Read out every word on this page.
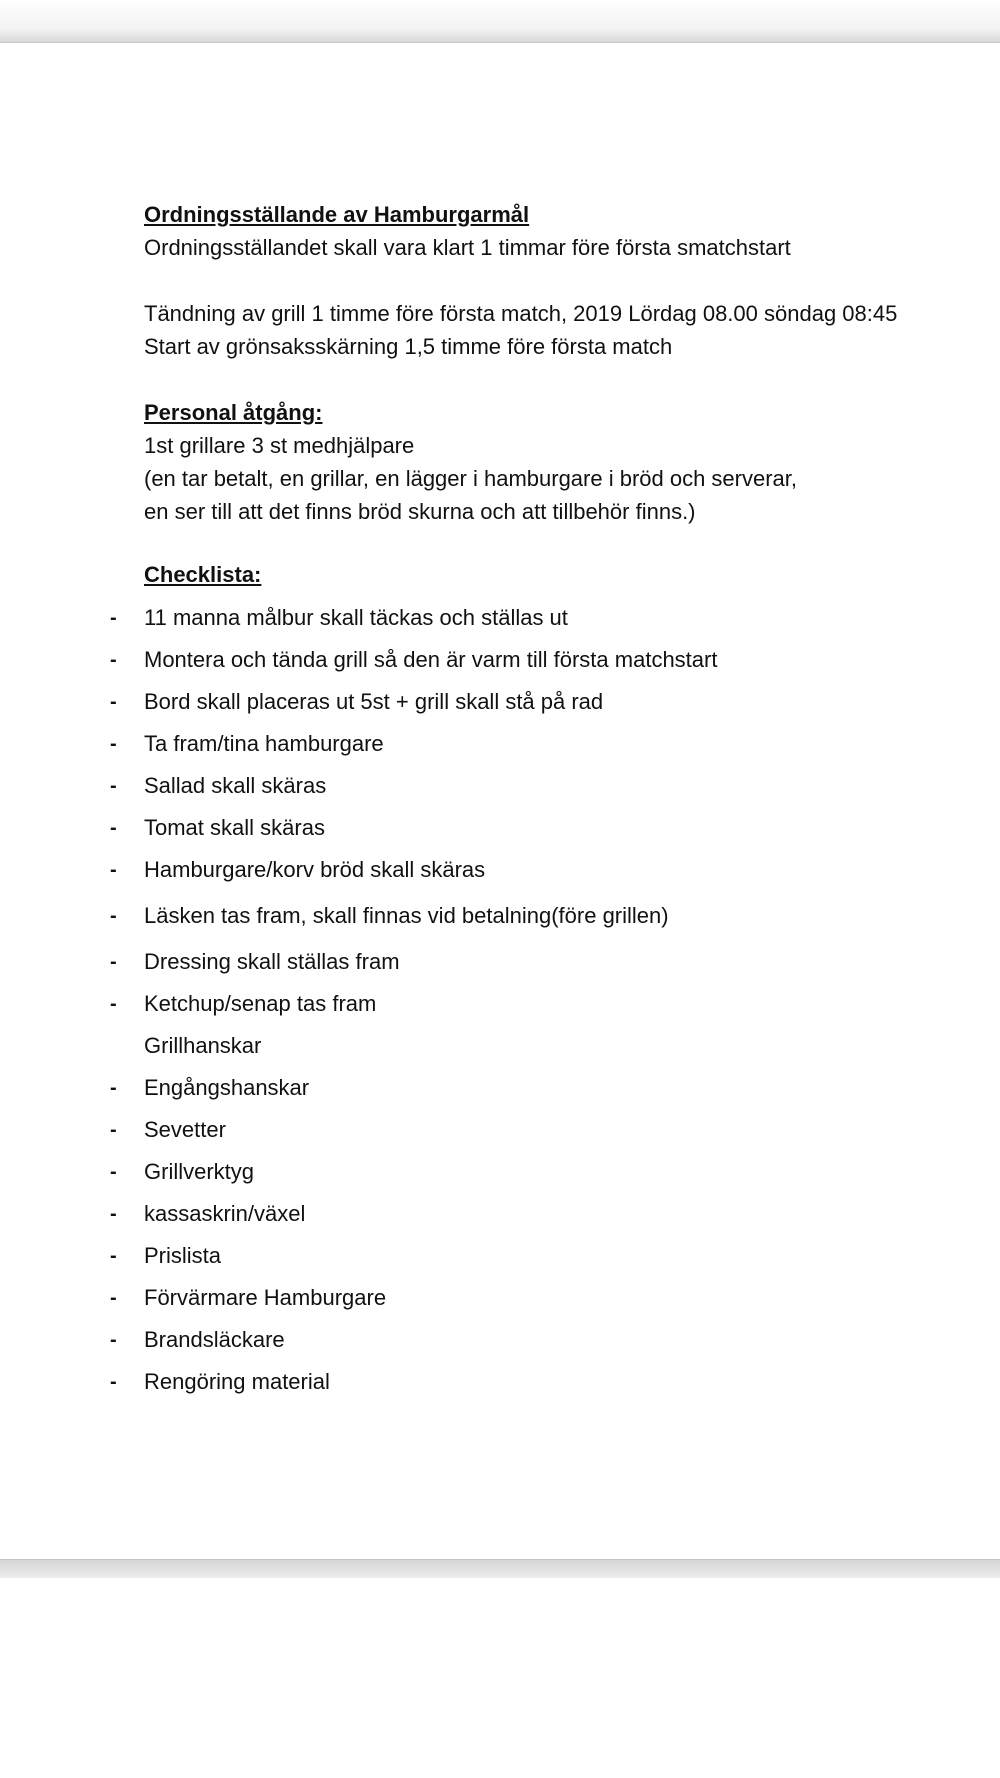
Ordningsställande av Hamburgarmål

Ordningsställandet skall vara klart 1 timmar före första smatchstart

Tändning av grill 1 timme före första match, 2019 Lördag 08.00 söndag 08:45

Start av grönsaksskärning 1,5 timme före första match

Personal åtgång:

1st grillare 3 st medhjälpare

(en tar betalt, en grillar, en lägger i hamburgare i bröd och serverar,

en ser till att det finns bröd skurna och att tillbehör finns.)

Checklista:

- 11 manna målbur skall täckas och ställas ut
- Montera och tända grill så den är varm till första matchstart
- Bord skall placeras ut 5st + grill skall stå på rad
- Ta fram/tina hamburgare
- Sallad skall skäras
- Tomat skall skäras
- Hamburgare/korv bröd skall skäras
- Läsken tas fram, skall finnas vid betalning(före grillen)
- Dressing skall ställas fram
- Ketchup/senap tas fram
Grillhanskar
- Engångshanskar
- Sevetter
- Grillverktyg
- kassaskrin/växel
- Prislista
- Förvärmare Hamburgare
- Brandsläckare
- Rengöring material
